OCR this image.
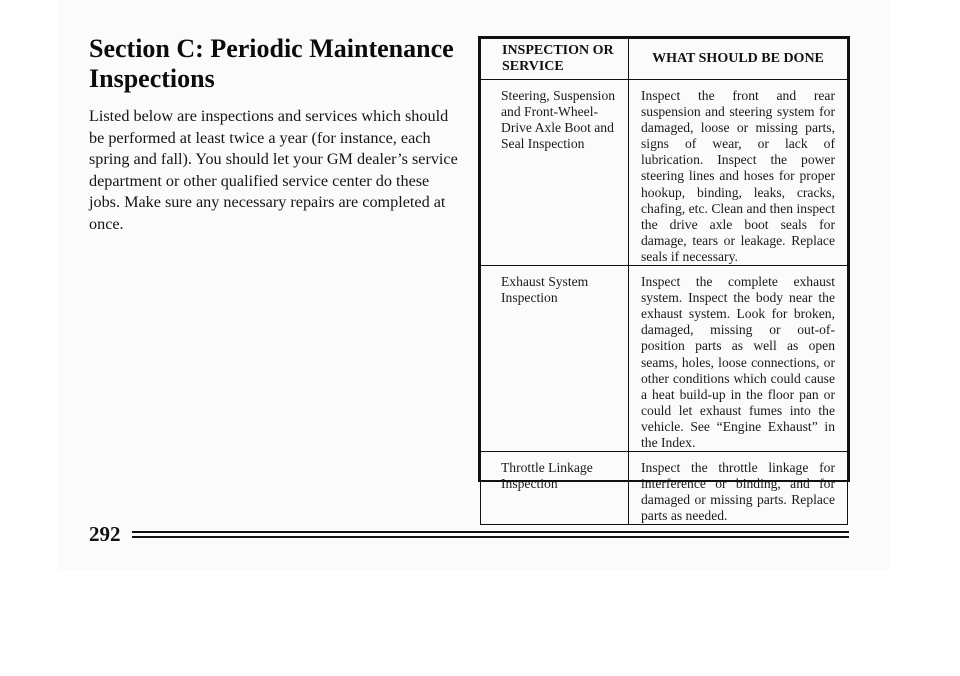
Section C: Periodic Maintenance Inspections

Listed below are inspections and services which should be performed at least twice a year (for instance, each spring and fall). You should let your GM dealer’s service department or other qualified service center do these jobs. Make sure any necessary repairs are completed at once.

INSPECTION OR SERVICE	WHAT SHOULD BE DONE
Steering, Suspension and Front-Wheel-Drive Axle Boot and Seal Inspection	Inspect the front and rear suspension and steering system for damaged, loose or missing parts, signs of wear, or lack of lubrication. Inspect the power steering lines and hoses for proper hookup, binding, leaks, cracks, chafing, etc. Clean and then inspect the drive axle boot seals for damage, tears or leakage. Replace seals if necessary.
Exhaust System Inspection	Inspect the complete exhaust system. Inspect the body near the exhaust system. Look for broken, damaged, missing or out-of-position parts as well as open seams, holes, loose connections, or other conditions which could cause a heat build-up in the floor pan or could let exhaust fumes into the vehicle. See “Engine Exhaust” in the Index.
Throttle Linkage Inspection	Inspect the throttle linkage for interference or binding, and for damaged or missing parts. Replace parts as needed.
292
